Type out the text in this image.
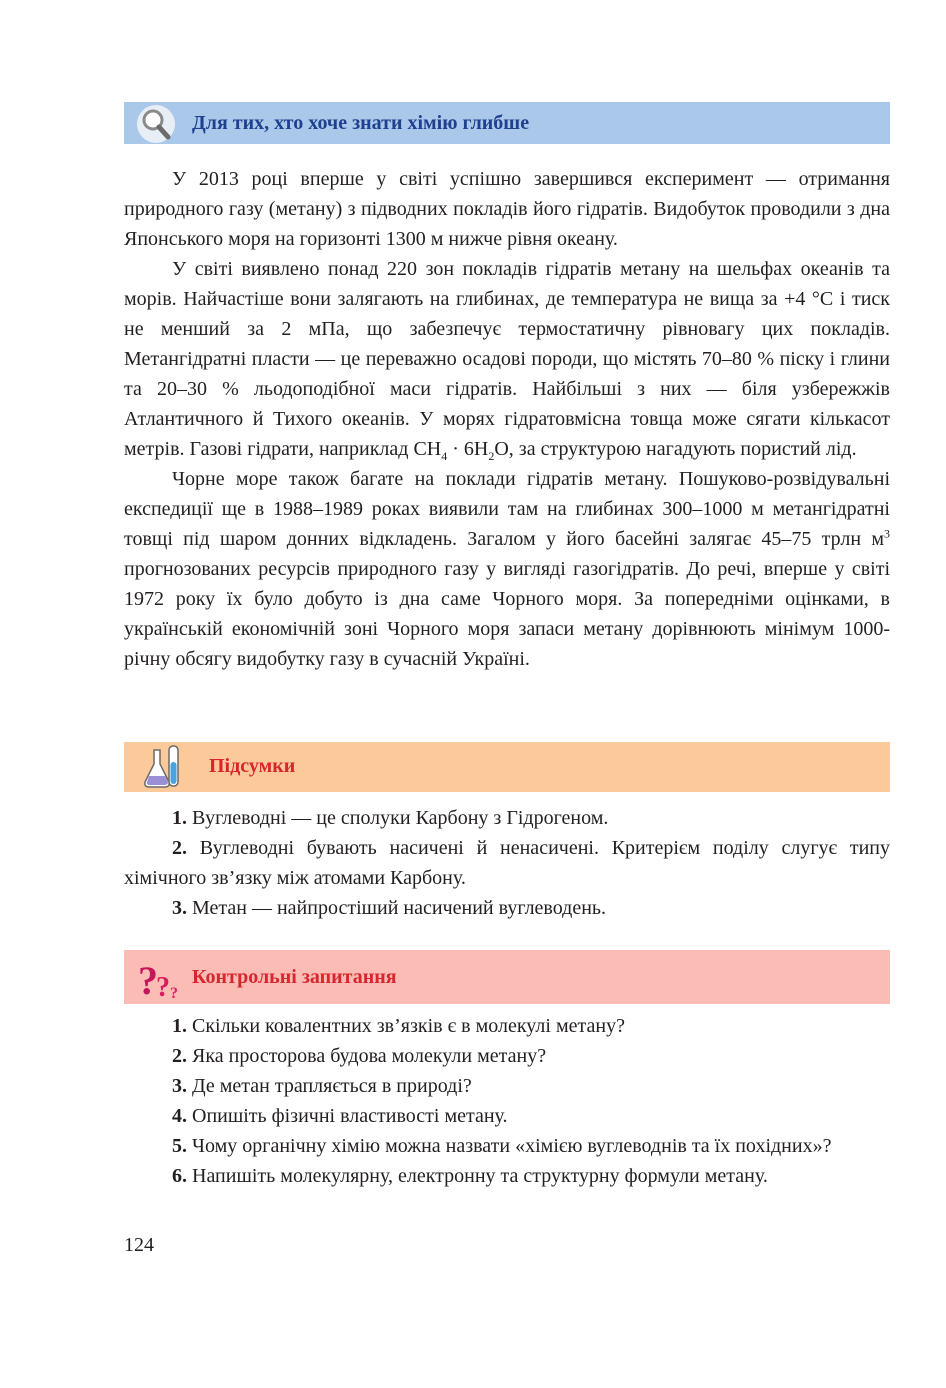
Для тих, хто хоче знати хімію глибше

У 2013 році вперше у світі успішно завершився експеримент — отримання природного газу (метану) з підводних покладів його гідратів. Видобуток проводили з дна Японського моря на горизонті 1300 м нижче рівня океану.

У світі виявлено понад 220 зон покладів гідратів метану на шельфах океанів та морів. Найчастіше вони залягають на глибинах, де температура не вища за +4 °С і тиск не менший за 2 мПа, що забезпечує термостатичну рівновагу цих покладів. Метангідратні пласти — це переважно осадові породи, що містять 70–80 % піску і глини та 20–30 % льодоподібної маси гідратів. Найбільші з них — біля узбережжів Атлантичного й Тихого океанів. У морях гідратовмісна товща може сягати кількасот метрів. Газові гідрати, наприклад $CH_4 \cdot 6H_2O$, за структурою нагадують пористий лід.

Чорне море також багате на поклади гідратів метану. Пошуково-розвідувальні експедиції ще в 1988–1989 роках виявили там на глибинах 300–1000 м метангідратні товщі під шаром донних відкладень. Загалом у його басейні залягає 45–75 трлн $м^3$ прогнозованих ресурсів природного газу у вигляді газогідратів. До речі, вперше у світі 1972 року їх було добуто із дна саме Чорного моря. За попередніми оцінками, в українській економічній зоні Чорного моря запаси метану дорівнюють мінімум 1000-річну обсягу видобутку газу в сучасній Україні.

Підсумки

1. Вуглеводні — це сполуки Карбону з Гідрогеном.

2. Вуглеводні бувають насичені й ненасичені. Критерієм поділу слугує типу хімічного зв’язку між атомами Карбону.

3. Метан — найпростіший насичений вуглеводень.

?
? ?
Контрольні запитання

1. Скільки ковалентних зв’язків є в молекулі метану?

2. Яка просторова будова молекули метану?

3. Де метан трапляється в природі?

4. Опишіть фізичні властивості метану.

5. Чому органічну хімію можна назвати «хімією вуглеводнів та їх похідних»?

6. Напишіть молекулярну, електронну та структурну формули метану.

124
